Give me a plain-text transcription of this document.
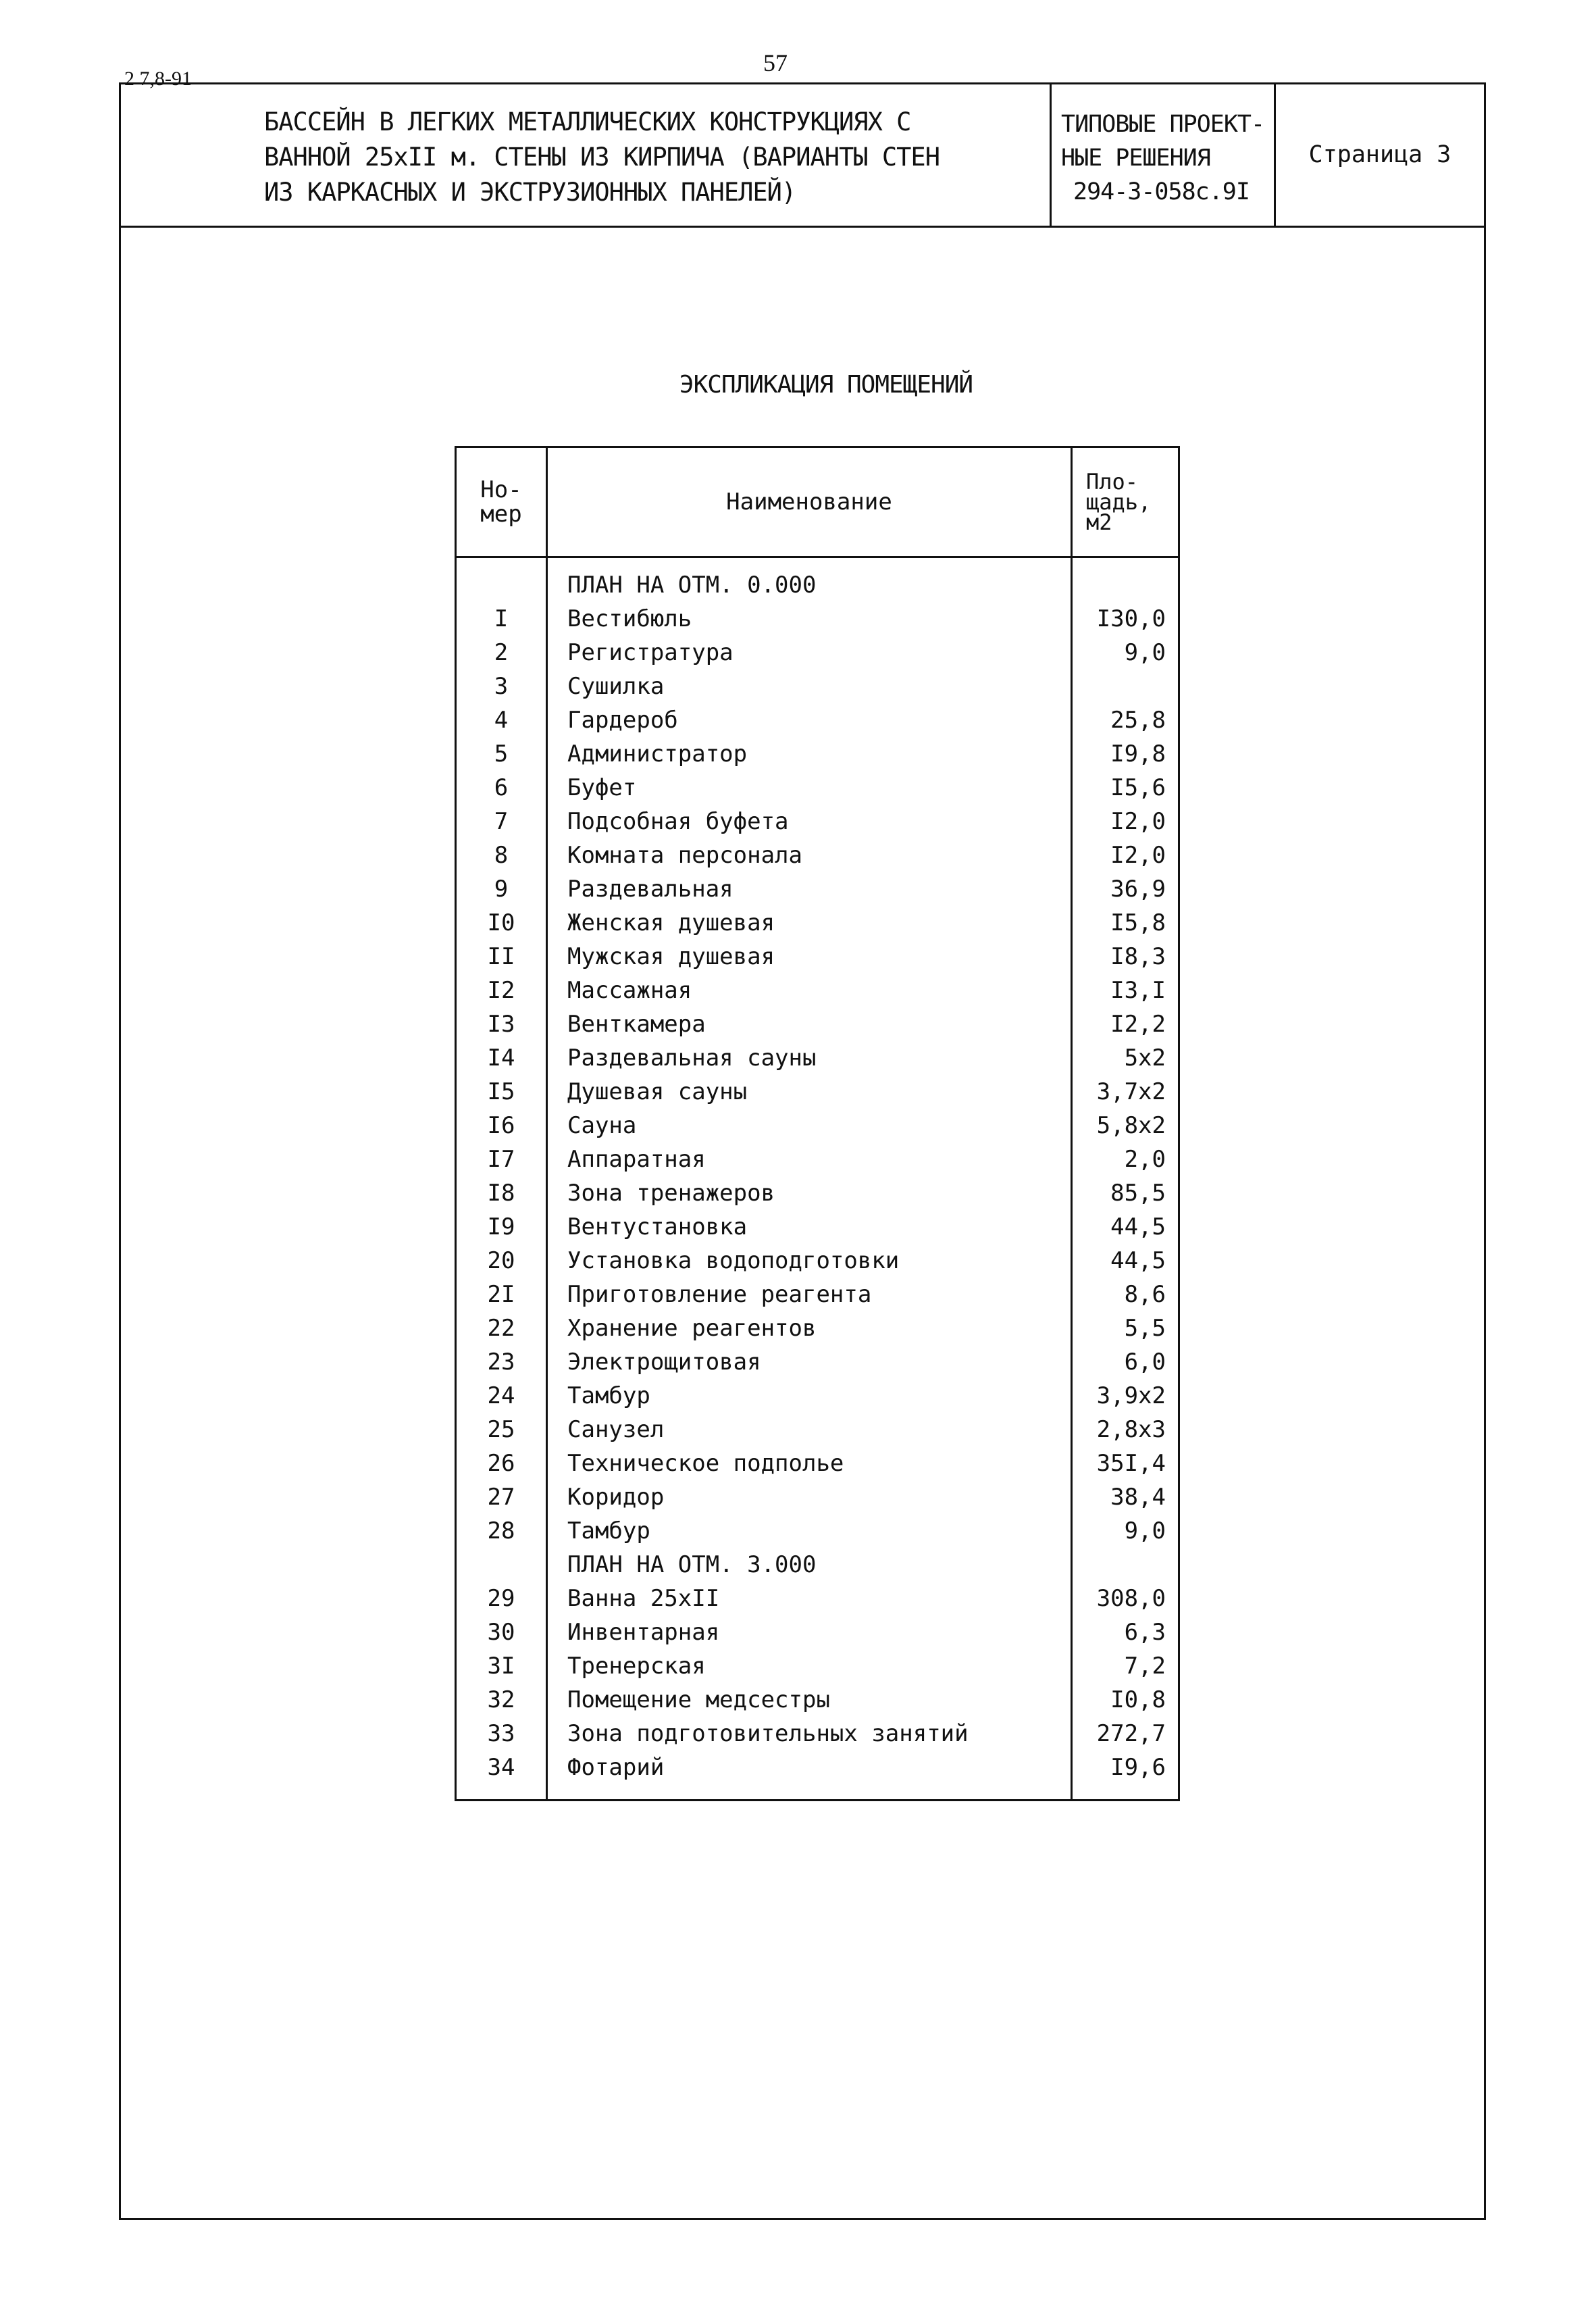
57
2 7,8-91
БАССЕЙН В ЛЕГКИХ МЕТАЛЛИЧЕСКИХ КОНСТРУКЦИЯХ С
ВАННОЙ 25хII м. СТЕНЫ ИЗ КИРПИЧА (ВАРИАНТЫ СТЕН
ИЗ КАРКАСНЫХ И ЭКСТРУЗИОННЫХ ПАНЕЛЕЙ)
ТИПОВЫЕ ПРОЕКТ-
НЫЕ РЕШЕНИЯ
294-3-058с.9I
Страница 3
ЭКСПЛИКАЦИЯ ПОМЕЩЕНИЙ
Но-
мер	Наименование
Пло-
щадь,
м2
ПЛАН НА ОТМ. 0.000
I	Вестибюль	I30,0
2	Регистратура	9,0
3	Сушилка
4	Гардероб	25,8
5	Администратор	I9,8
6	Буфет	I5,6
7	Подсобная буфета	I2,0
8	Комната персонала	I2,0
9	Раздевальная	36,9
I0	Женская душевая	I5,8
II	Мужская душевая	I8,3
I2	Массажная	I3,I
I3	Венткамера	I2,2
I4	Раздевальная сауны	5х2
I5	Душевая сауны	3,7х2
I6	Сауна	5,8х2
I7	Аппаратная	2,0
I8	Зона тренажеров	85,5
I9	Вентустановка	44,5
20	Установка водоподготовки	44,5
2I	Приготовление реагента	8,6
22	Хранение реагентов	5,5
23	Электрощитовая	6,0
24	Тамбур	3,9х2
25	Санузел	2,8х3
26	Техническое подполье	35I,4
27	Коридор	38,4
28	Тамбур	9,0
ПЛАН НА ОТМ. 3.000
29	Ванна 25хII	308,0
30	Инвентарная	6,3
3I	Тренерская	7,2
32	Помещение медсестры	I0,8
33	Зона подготовительных занятий	272,7
34	Фотарий	I9,6
